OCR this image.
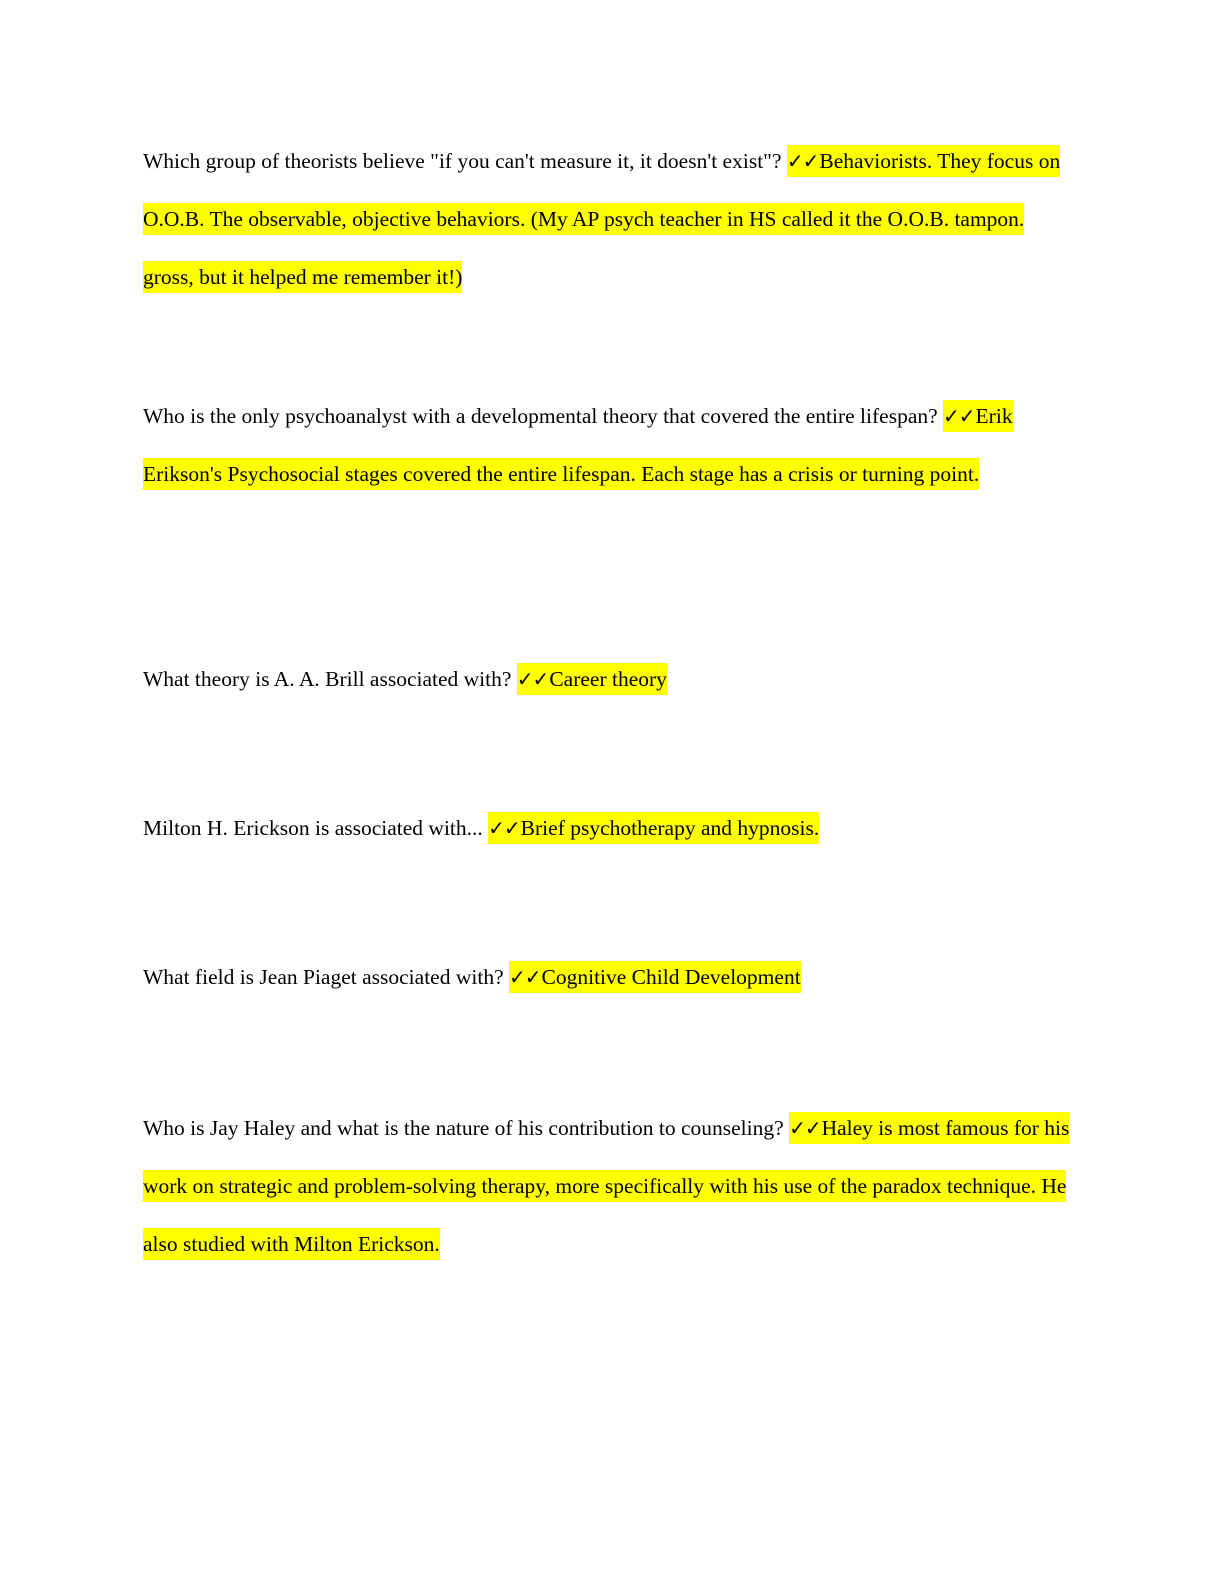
Which group of theorists believe "if you can't measure it, it doesn't exist"? ✓✓Behaviorists. They focus on O.O.B. The observable, objective behaviors. (My AP psych teacher in HS called it the O.O.B. tampon. gross, but it helped me remember it!)

Who is the only psychoanalyst with a developmental theory that covered the entire lifespan? ✓✓Erik Erikson's Psychosocial stages covered the entire lifespan. Each stage has a crisis or turning point.

What theory is A. A. Brill associated with? ✓✓Career theory

Milton H. Erickson is associated with... ✓✓Brief psychotherapy and hypnosis.

What field is Jean Piaget associated with? ✓✓Cognitive Child Development

Who is Jay Haley and what is the nature of his contribution to counseling? ✓✓Haley is most famous for his work on strategic and problem-solving therapy, more specifically with his use of the paradox technique. He also studied with Milton Erickson.
